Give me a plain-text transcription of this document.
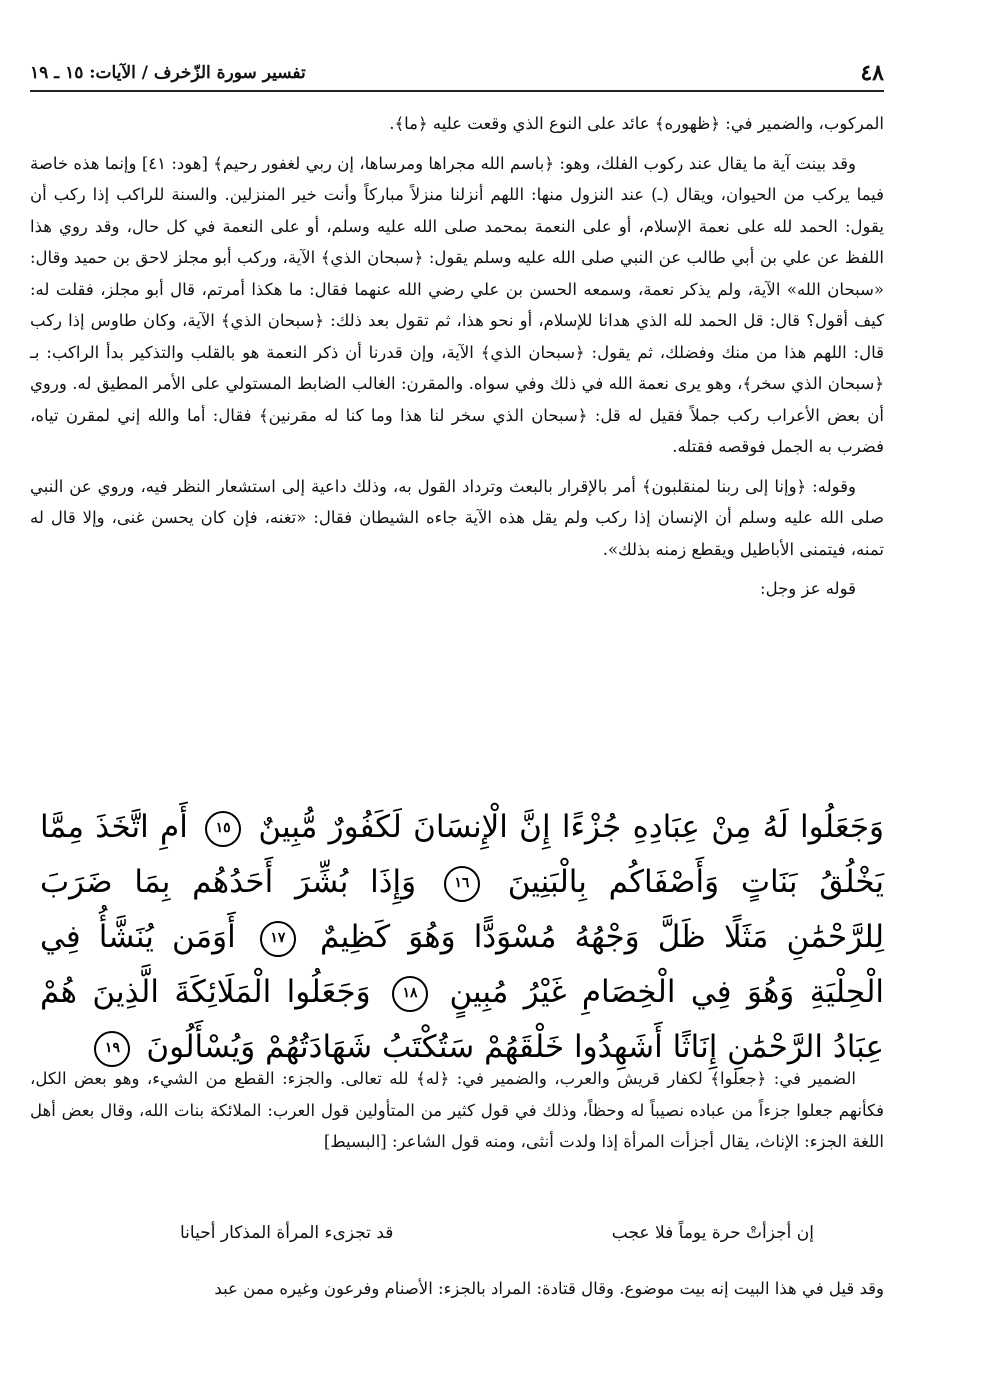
٤٨
تفسير سورة الزّخرف / الآيات: ١٥ ـ ١٩

المركوب، والضمير في: ﴿ظهوره﴾ عائد على النوع الذي وقعت عليه ﴿ما﴾.

وقد بينت آية ما يقال عند ركوب الفلك، وهو: ﴿باسم الله مجراها ومرساها، إن ربي لغفور رحيم﴾ [هود: ٤١] وإنما هذه خاصة فيما يركب من الحيوان، ويقال (ـ) عند النزول منها: اللهم أنزلنا منزلاً مباركاً وأنت خير المنزلين. والسنة للراكب إذا ركب أن يقول: الحمد لله على نعمة الإسلام، أو على النعمة بمحمد صلى الله عليه وسلم، أو على النعمة في كل حال، وقد روي هذا اللفظ عن علي بن أبي طالب عن النبي صلى الله عليه وسلم يقول: ﴿سبحان الذي﴾ الآية، وركب أبو مجلز لاحق بن حميد وقال: «سبحان الله» الآية، ولم يذكر نعمة، وسمعه الحسن بن علي رضي الله عنهما فقال: ما هكذا أمرتم، قال أبو مجلز، فقلت له: كيف أقول؟ قال: قل الحمد لله الذي هدانا للإسلام، أو نحو هذا، ثم تقول بعد ذلك: ﴿سبحان الذي﴾ الآية، وكان طاوس إذا ركب قال: اللهم هذا من منك وفضلك، ثم يقول: ﴿سبحان الذي﴾ الآية، وإن قدرنا أن ذكر النعمة هو بالقلب والتذكير بدأ الراكب: بـ ﴿سبحان الذي سخر﴾، وهو يرى نعمة الله في ذلك وفي سواه. والمقرن: الغالب الضابط المستولي على الأمر المطيق له. وروي أن بعض الأعراب ركب جملاً فقيل له قل: ﴿سبحان الذي سخر لنا هذا وما كنا له مقرنين﴾ فقال: أما والله إني لمقرن تياه، فضرب به الجمل فوقصه فقتله.

وقوله: ﴿وإنا إلى ربنا لمنقلبون﴾ أمر بالإقرار بالبعث وترداد القول به، وذلك داعية إلى استشعار النظر فيه، وروي عن النبي صلى الله عليه وسلم أن الإنسان إذا ركب ولم يقل هذه الآية جاءه الشيطان فقال: «تغنه، فإن كان يحسن غنى، وإلا قال له تمنه، فيتمنى الأباطيل ويقطع زمنه بذلك».

قوله عز وجل:

وَجَعَلُوا لَهُ مِنْ عِبَادِهِ جُزْءًا إِنَّ الْإِنسَانَ لَكَفُورٌ مُّبِينٌ ١٥ أَمِ اتَّخَذَ مِمَّا يَخْلُقُ بَنَاتٍ وَأَصْفَاكُم بِالْبَنِينَ ١٦ وَإِذَا بُشِّرَ أَحَدُهُم بِمَا ضَرَبَ لِلرَّحْمَٰنِ مَثَلًا ظَلَّ وَجْهُهُ مُسْوَدًّا وَهُوَ كَظِيمٌ ١٧ أَوَمَن يُنَشَّأُ فِي الْحِلْيَةِ وَهُوَ فِي الْخِصَامِ غَيْرُ مُبِينٍ ١٨ وَجَعَلُوا الْمَلَائِكَةَ الَّذِينَ هُمْ عِبَادُ الرَّحْمَٰنِ إِنَاثًا أَشَهِدُوا خَلْقَهُمْ سَتُكْتَبُ شَهَادَتُهُمْ وَيُسْأَلُونَ ١٩

الضمير في: ﴿جعلوا﴾ لكفار قريش والعرب، والضمير في: ﴿له﴾ لله تعالى. والجزء: القطع من الشيء، وهو بعض الكل، فكأنهم جعلوا جزءاً من عباده نصيباً له وحظاً، وذلك في قول كثير من المتأولين قول العرب: الملائكة بنات الله، وقال بعض أهل اللغة الجزء: الإناث، يقال أجزأت المرأة إذا ولدت أنثى، ومنه قول الشاعر: [البسيط]

إن أجزأتْ حرة يوماً فلا عجب
قد تجزىء المرأة المذكار أحيانا

وقد قيل في هذا البيت إنه بيت موضوع. وقال قتادة: المراد بالجزء: الأصنام وفرعون وغيره ممن عبد
